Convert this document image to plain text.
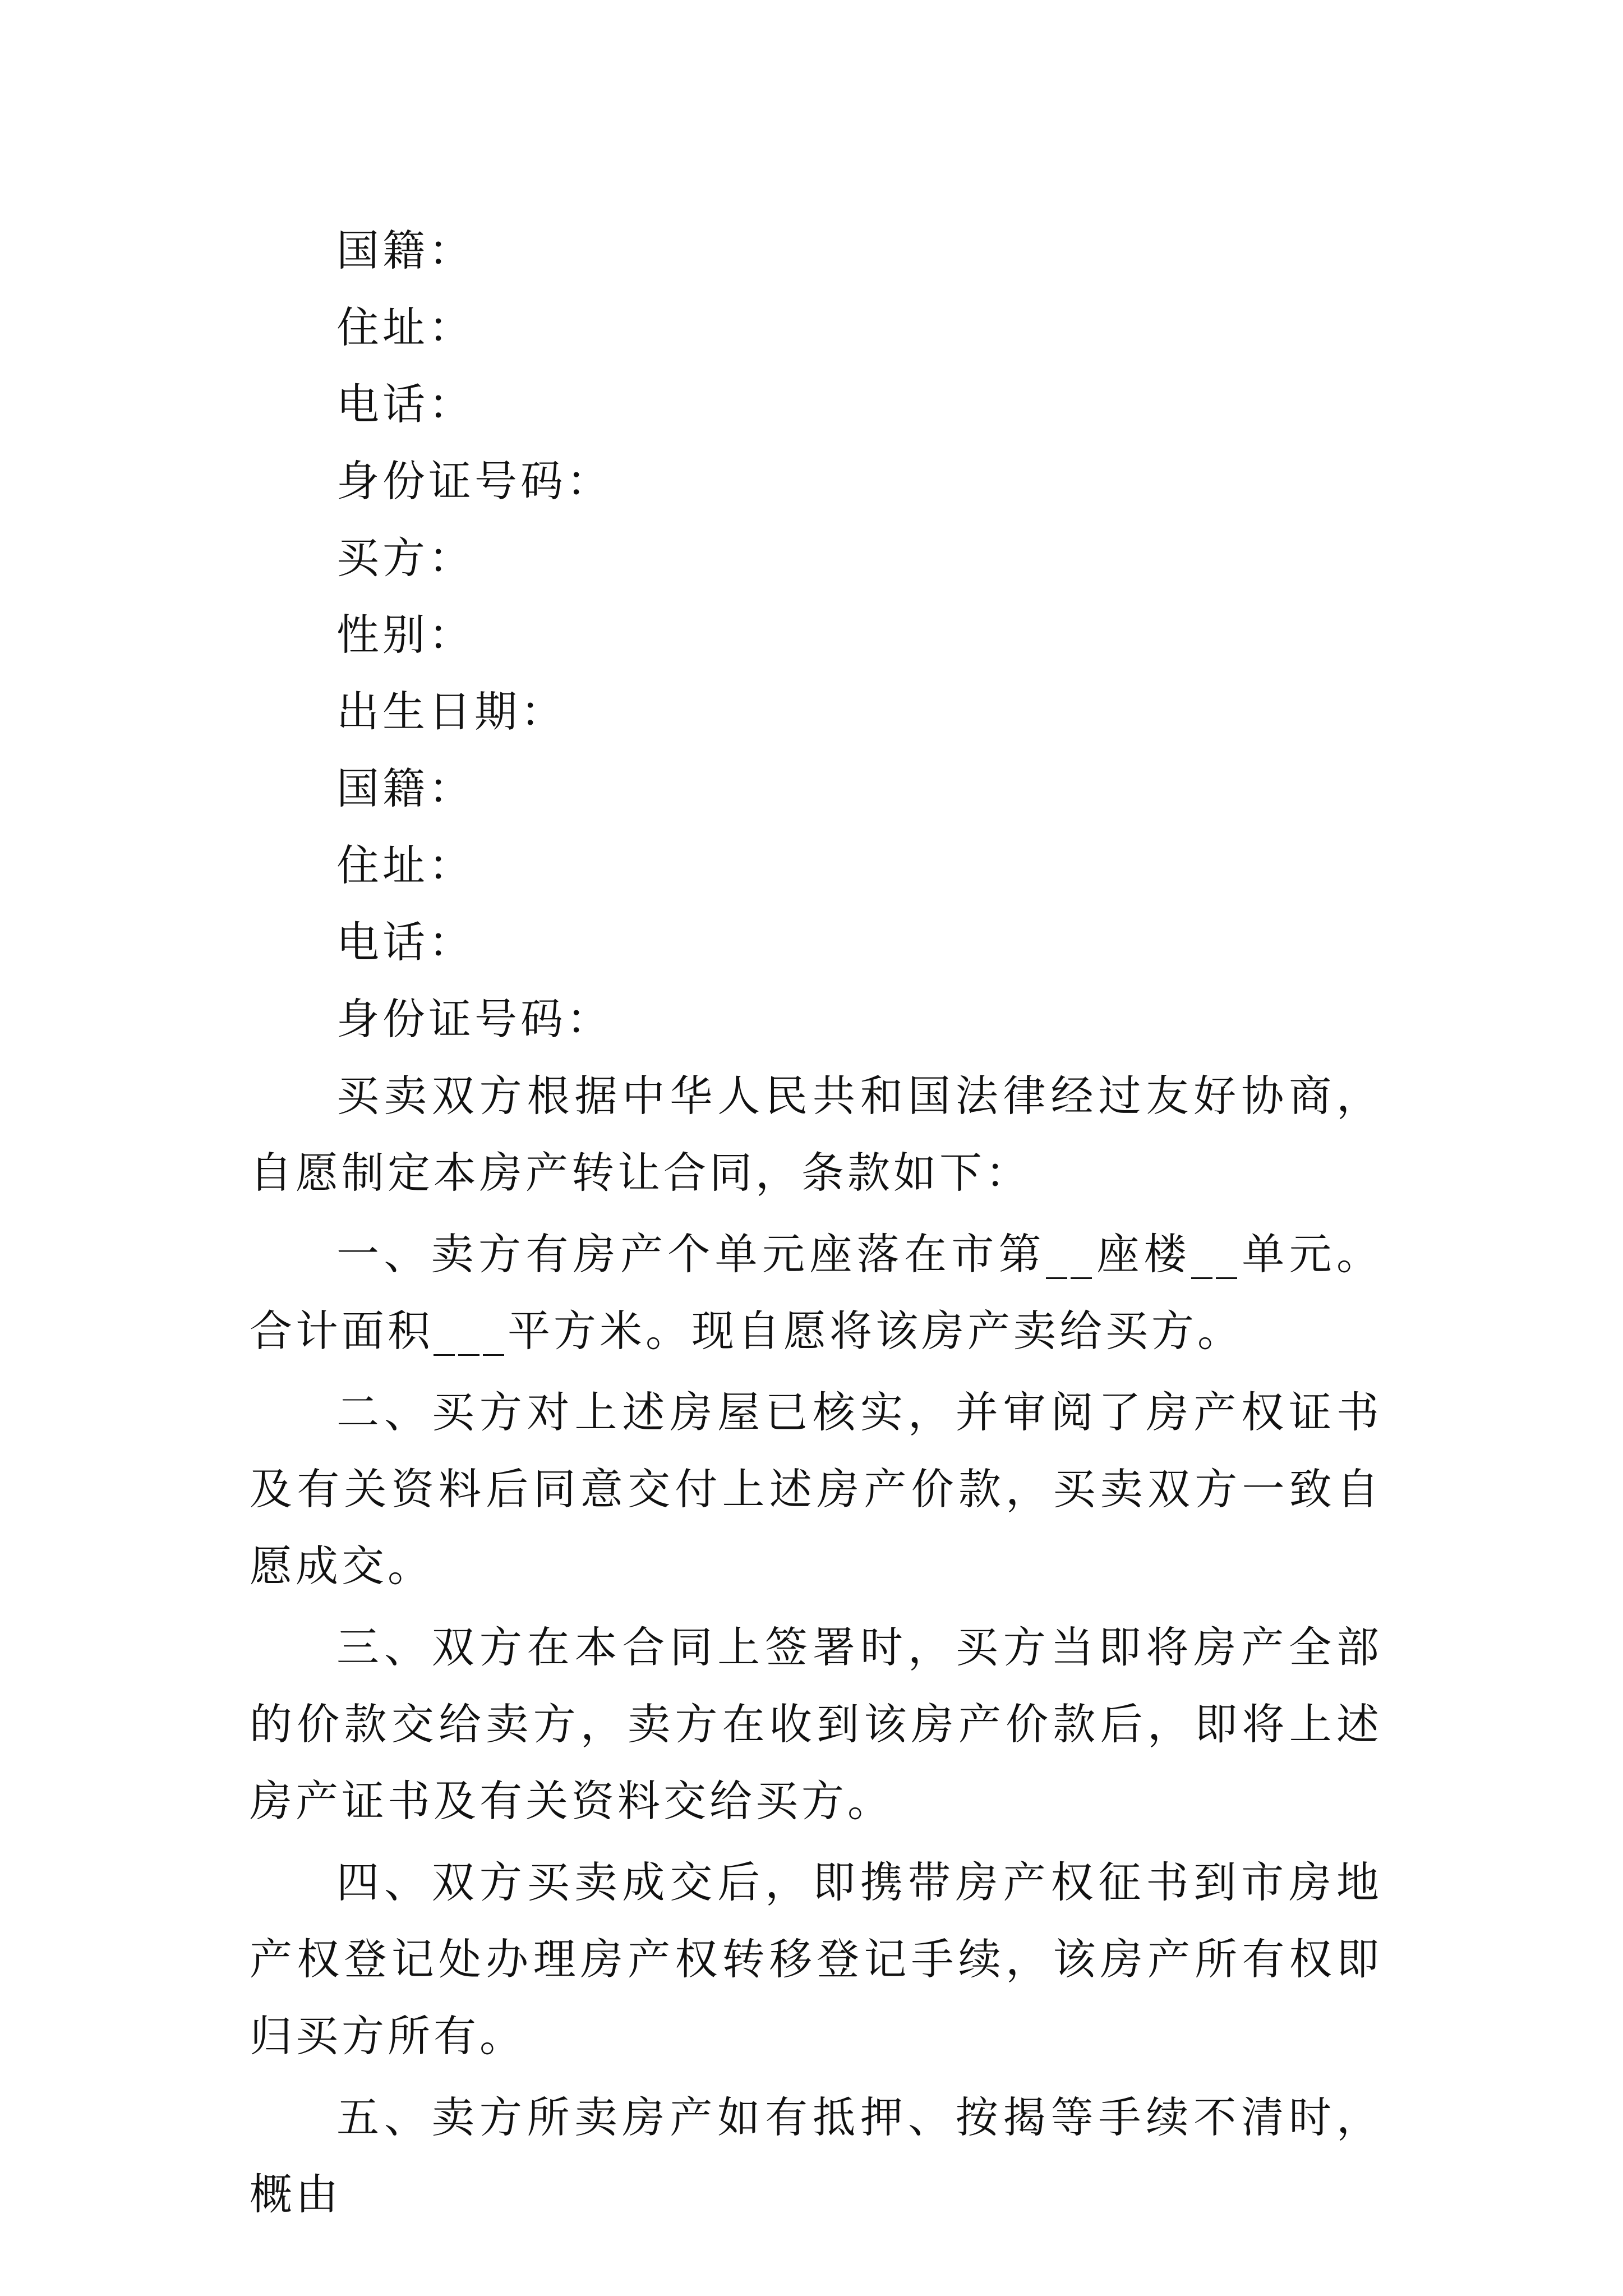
国籍：
住址：
电话：
身份证号码：
买方：
性别：
出生日期：
国籍：
住址：
电话：
身份证号码：

买卖双方根据中华人民共和国法律经过友好协商，自愿制定本房产转让合同，条款如下：

一、卖方有房产个单元座落在市第__座楼__单元。合计面积___平方米。现自愿将该房产卖给买方。

二、买方对上述房屋已核实，并审阅了房产权证书及有关资料后同意交付上述房产价款，买卖双方一致自愿成交。

三、双方在本合同上签署时，买方当即将房产全部的价款交给卖方，卖方在收到该房产价款后，即将上述房产证书及有关资料交给买方。

四、双方买卖成交后，即携带房产权征书到市房地产权登记处办理房产权转移登记手续，该房产所有权即归买方所有。

五、卖方所卖房产如有抵押、按揭等手续不清时，概由
